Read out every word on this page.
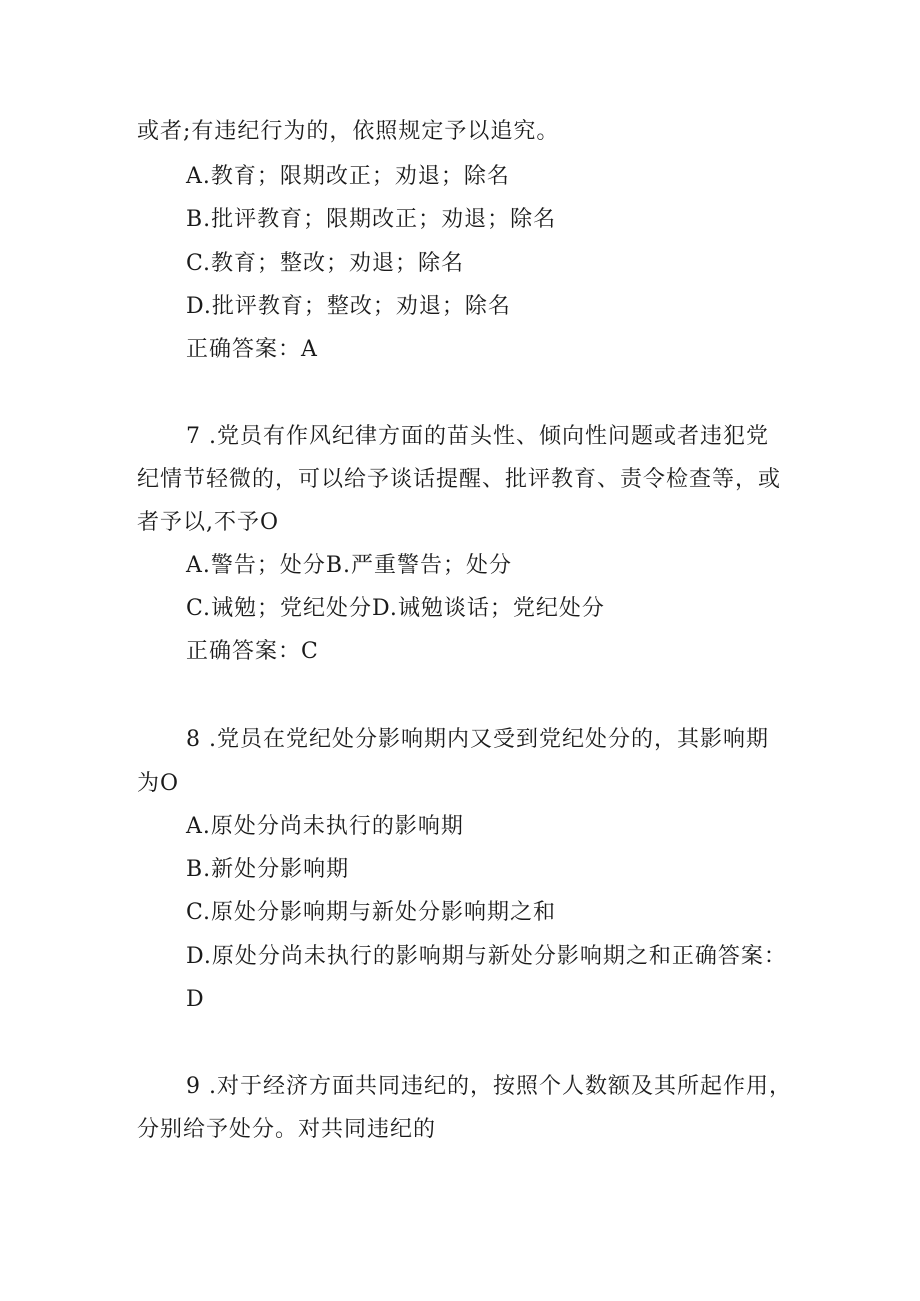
或者;有违纪行为的，依照规定予以追究。
A.教育；限期改正；劝退；除名
B.批评教育；限期改正；劝退；除名
C.教育；整改；劝退；除名
D.批评教育；整改；劝退；除名
正确答案：A
7 .党员有作风纪律方面的苗头性、倾向性问题或者违犯党
纪情节轻微的，可以给予谈话提醒、批评教育、责令检查等，或
者予以,不予O
A.警告；处分B.严重警告；处分
C.诫勉；党纪处分D.诫勉谈话；党纪处分
正确答案：C
8 .党员在党纪处分影响期内又受到党纪处分的，其影响期
为O
A.原处分尚未执行的影响期
B.新处分影响期
C.原处分影响期与新处分影响期之和
D.原处分尚未执行的影响期与新处分影响期之和正确答案：
D
9 .对于经济方面共同违纪的，按照个人数额及其所起作用，
分别给予处分。对共同违纪的
